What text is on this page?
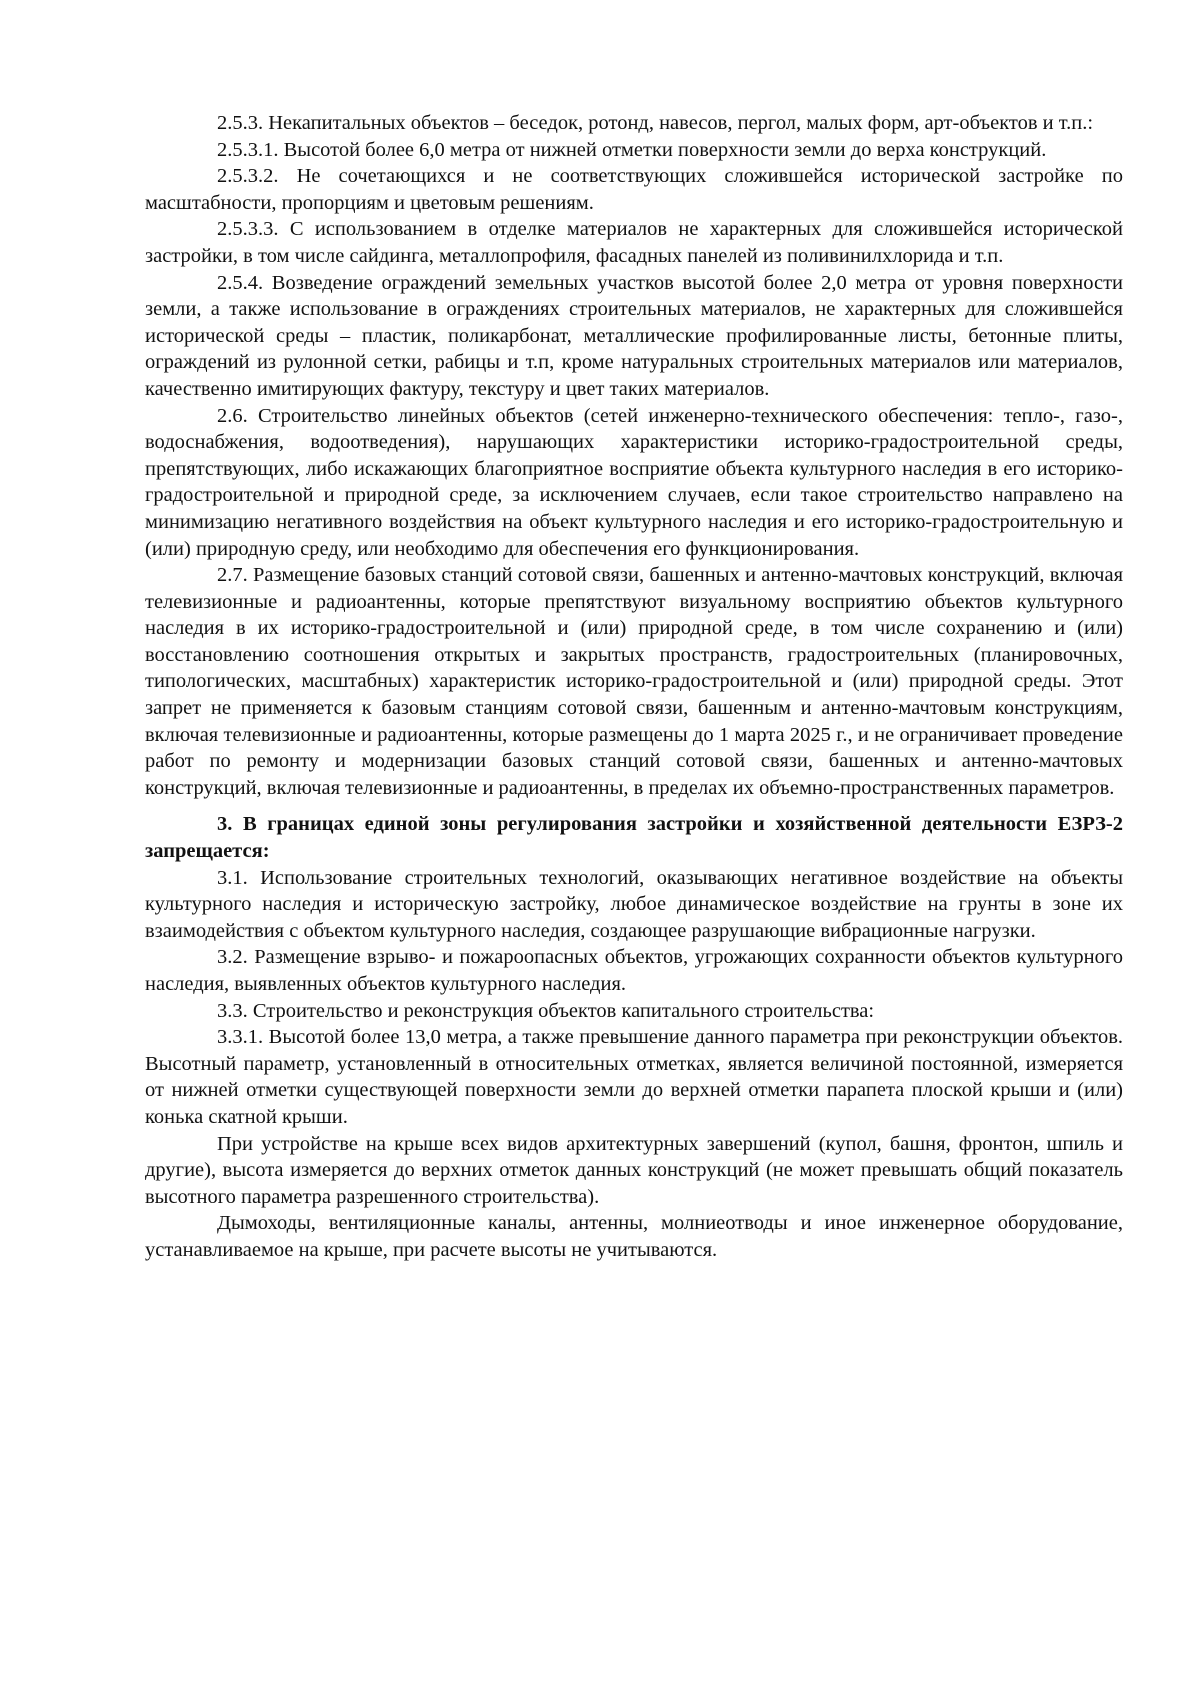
2.5.3. Некапитальных объектов – беседок, ротонд, навесов, пергол, малых форм, арт-объектов и т.п.:

2.5.3.1. Высотой более 6,0 метра от нижней отметки поверхности земли до верха конструкций.

2.5.3.2. Не сочетающихся и не соответствующих сложившейся исторической застройке по масштабности, пропорциям и цветовым решениям.

2.5.3.3. С использованием в отделке материалов не характерных для сложившейся исторической застройки, в том числе сайдинга, металлопрофиля, фасадных панелей из поливинилхлорида и т.п.

2.5.4. Возведение ограждений земельных участков высотой более 2,0 метра от уровня поверхности земли, а также использование в ограждениях строительных материалов, не характерных для сложившейся исторической среды – пластик, поликарбонат, металлические профилированные листы, бетонные плиты, ограждений из рулонной сетки, рабицы и т.п, кроме натуральных строительных материалов или материалов, качественно имитирующих фактуру, текстуру и цвет таких материалов.

2.6. Строительство линейных объектов (сетей инженерно-технического обеспечения: тепло-, газо-, водоснабжения, водоотведения), нарушающих характеристики историко-градостроительной среды, препятствующих, либо искажающих благоприятное восприятие объекта культурного наследия в его историко-градостроительной и природной среде, за исключением случаев, если такое строительство направлено на минимизацию негативного воздействия на объект культурного наследия и его историко-градостроительную и (или) природную среду, или необходимо для обеспечения его функционирования.

2.7. Размещение базовых станций сотовой связи, башенных и антенно-мачтовых конструкций, включая телевизионные и радиоантенны, которые препятствуют визуальному восприятию объектов культурного наследия в их историко-градостроительной и (или) природной среде, в том числе сохранению и (или) восстановлению соотношения открытых и закрытых пространств, градостроительных (планировочных, типологических, масштабных) характеристик историко-градостроительной и (или) природной среды. Этот запрет не применяется к базовым станциям сотовой связи, башенным и антенно-мачтовым конструкциям, включая телевизионные и радиоантенны, которые размещены до 1 марта 2025 г., и не ограничивает проведение работ по ремонту и модернизации базовых станций сотовой связи, башенных и антенно-мачтовых конструкций, включая телевизионные и радиоантенны, в пределах их объемно-пространственных параметров.

3. В границах единой зоны регулирования застройки и хозяйственной деятельности ЕЗРЗ-2 запрещается:

3.1. Использование строительных технологий, оказывающих негативное воздействие на объекты культурного наследия и историческую застройку, любое динамическое воздействие на грунты в зоне их взаимодействия с объектом культурного наследия, создающее разрушающие вибрационные нагрузки.

3.2. Размещение взрыво- и пожароопасных объектов, угрожающих сохранности объектов культурного наследия, выявленных объектов культурного наследия.

3.3. Строительство и реконструкция объектов капитального строительства:

3.3.1. Высотой более 13,0 метра, а также превышение данного параметра при реконструкции объектов. Высотный параметр, установленный в относительных отметках, является величиной постоянной, измеряется от нижней отметки существующей поверхности земли до верхней отметки парапета плоской крыши и (или) конька скатной крыши.

При устройстве на крыше всех видов архитектурных завершений (купол, башня, фронтон, шпиль и другие), высота измеряется до верхних отметок данных конструкций (не может превышать общий показатель высотного параметра разрешенного строительства).

Дымоходы, вентиляционные каналы, антенны, молниеотводы и иное инженерное оборудование, устанавливаемое на крыше, при расчете высоты не учитываются.
